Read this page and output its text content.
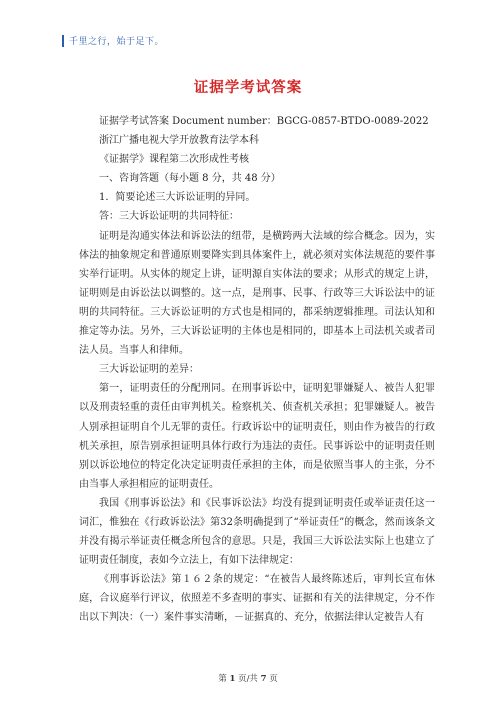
千里之行，始于足下。
证据学考试答案

证据学考试答案 Document number：BGCG-0857-BTDO-0089-2022

浙江广播电视大学开放教育法学本科

《证据学》课程第二次形成性考核

一、咨询答题（每小题 8 分，共 48 分）

1．简要论述三大诉讼证明的异同。

答：三大诉讼证明的共同特征：

证明是沟通实体法和诉讼法的纽带，是横跨两大法域的综合概念。因为，实体法的抽象规定和普通原则要降实到具体案件上，就必须对实体法规范的要件事实举行证明。从实体的规定上讲，证明源自实体法的要求；从形式的规定上讲，证明则是由诉讼法以调整的。这一点，是刑事、民事、行政等三大诉讼法中的证明的共同特征。三大诉讼证明的方式也是相同的，都采纳逻辑推理。司法认知和推定等办法。另外，三大诉讼证明的主体也是相同的，即基本上司法机关或者司法人员。当事人和律师。

三大诉讼证明的差异：

第一，证明责任的分配刑同。在刑事诉讼中，证明犯罪嫌疑人、被告人犯罪以及刑责轻重的责任由审判机关。检察机关、侦查机关承担；犯罪嫌疑人。被告人别承担证明自个儿无罪的责任。行政诉讼中的证明责任，则由作为被告的行政机关承担，原告别承担证明具体行政行为违法的责任。民事诉讼中的证明责任则别以诉讼地位的特定化决定证明责任承担的主体，而是依照当事人的主张，分不由当事人承担相应的证明责任。

我国《刑事诉讼法》和《民事诉讼法》均没有提到证明责任或举证责任这一词汇，惟独在《行政诉讼法》第32条明确提到了“举证责任”的概念，然而该条文并没有揭示举证责任概念所包含的意思。只是，我国三大诉讼法实际上也建立了证明责任制度，表如今立法上，有如下法律规定：

《刑事诉讼法》第１６２条的规定：“在被告人最终陈述后，审判长宣布休庭，合议庭举行评议，依照差不多查明的事实、证据和有关的法律规定，分不作出以下判决：（一）案件事实清晰，－证据真的、充分，依据法律认定被告人有

第 1 页/共 7 页
